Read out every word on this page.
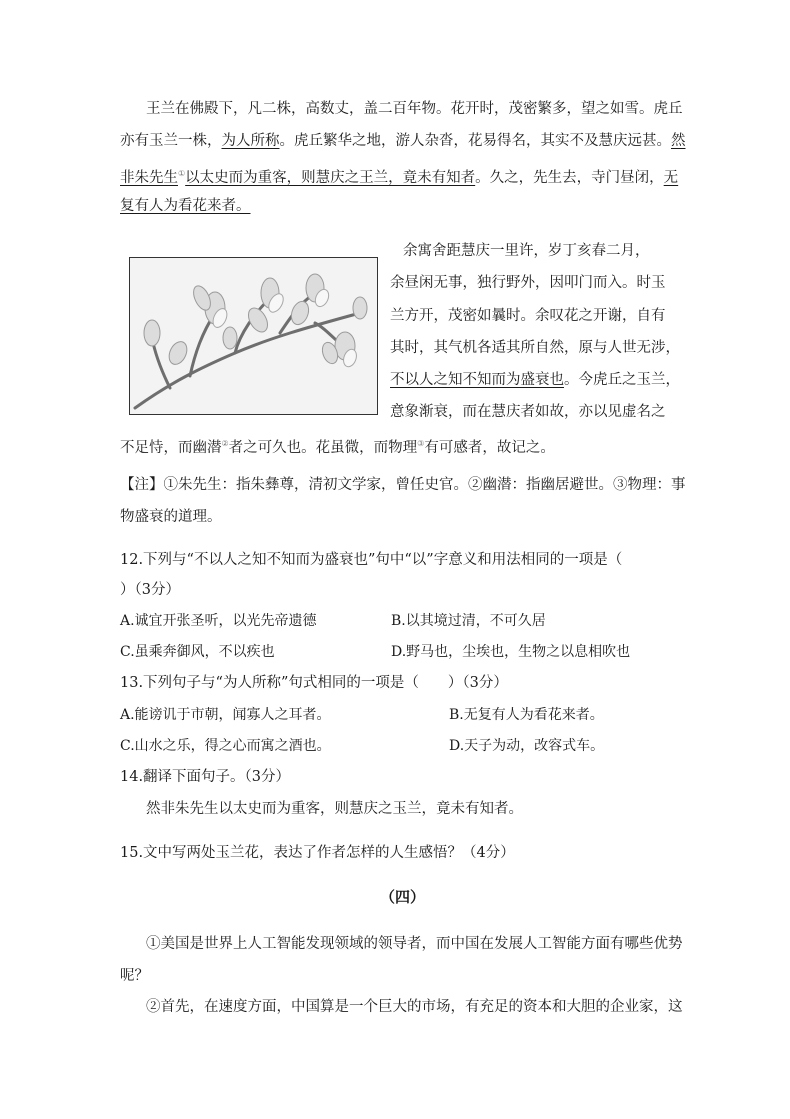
王兰在佛殿下，凡二株，高数丈，盖二百年物。花开时，茂密繁多，望之如雪。虎丘
亦有玉兰一株，为人所称。虎丘繁华之地，游人杂沓，花易得名，其实不及慧庆远甚。然
非朱先生①以太史而为重客，则慧庆之王兰，竟未有知者。久之，先生去，寺门昼闭，无
复有人为看花来者。
余寓舍距慧庆一里许，岁丁亥春二月，
余昼闲无事，独行野外，因叩门而入。时玉
兰方开，茂密如曩时。余叹花之开谢，自有
其时，其气机各适其所自然，原与人世无涉，
不以人之知不知而为盛衰也。今虎丘之玉兰，
意象渐衰，而在慧庆者如故，亦以见虚名之
不足恃，而幽潜②者之可久也。花虽微，而物理③有可感者，故记之。
【注】①朱先生：指朱彝尊，清初文学家，曾任史官。②幽潜：指幽居避世。③物理：事
物盛衰的道理。
12.下列与“不以人之知不知而为盛衰也”句中“以”字意义和用法相同的一项是（
）（3分）
A.诚宜开张圣听，以光先帝遗德	B.以其境过清，不可久居
C.虽乘奔御风，不以疾也	D.野马也，尘埃也，生物之以息相吹也
13.下列句子与“为人所称”句式相同的一项是（　　）（3分）
A.能谤讥于市朝，闻寡人之耳者。	B.无复有人为看花来者。
C.山水之乐，得之心而寓之酒也。	D.天子为动，改容式车。
14.翻译下面句子。（3分）
然非朱先生以太史而为重客，则慧庆之玉兰，竟未有知者。
15.文中写两处玉兰花，表达了作者怎样的人生感悟？（4分）
（四）
①美国是世界上人工智能发现领域的领导者，而中国在发展人工智能方面有哪些优势
呢？
②首先，在速度方面，中国算是一个巨大的市场，有充足的资本和大胆的企业家，这
